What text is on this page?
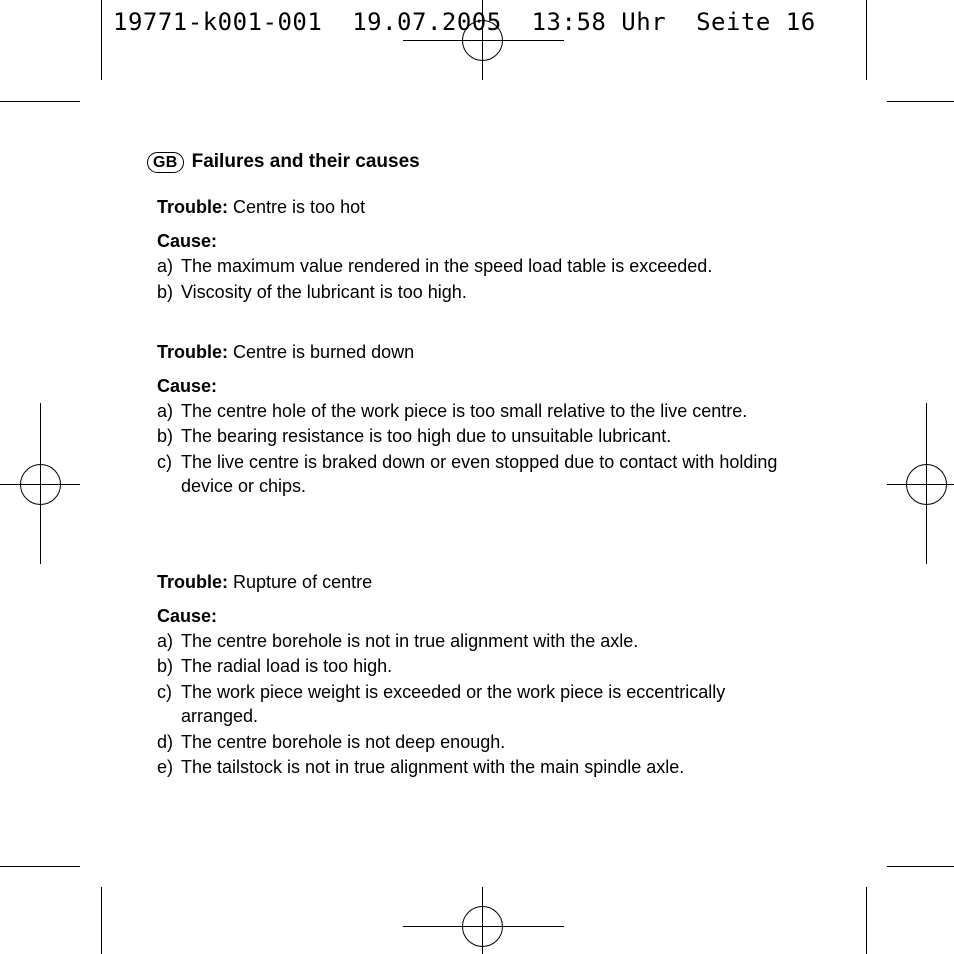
19771-k001-001 19.07.2005 13:58 Uhr Seite 16
GB Failures and their causes

Trouble: Centre is too hot

Cause:

a) The maximum value rendered in the speed load table is exceeded.
b) Viscosity of the lubricant is too high.

Trouble: Centre is burned down

Cause:

a) The centre hole of the work piece is too small relative to the live centre.
b) The bearing resistance is too high due to unsuitable lubricant.
c) The live centre is braked down or even stopped due to contact with holding device or chips.

Trouble: Rupture of centre

Cause:

a) The centre borehole is not in true alignment with the axle.
b) The radial load is too high.
c) The work piece weight is exceeded or the work piece is eccentrically arranged.
d) The centre borehole is not deep enough.
e) The tailstock is not in true alignment with the main spindle axle.
